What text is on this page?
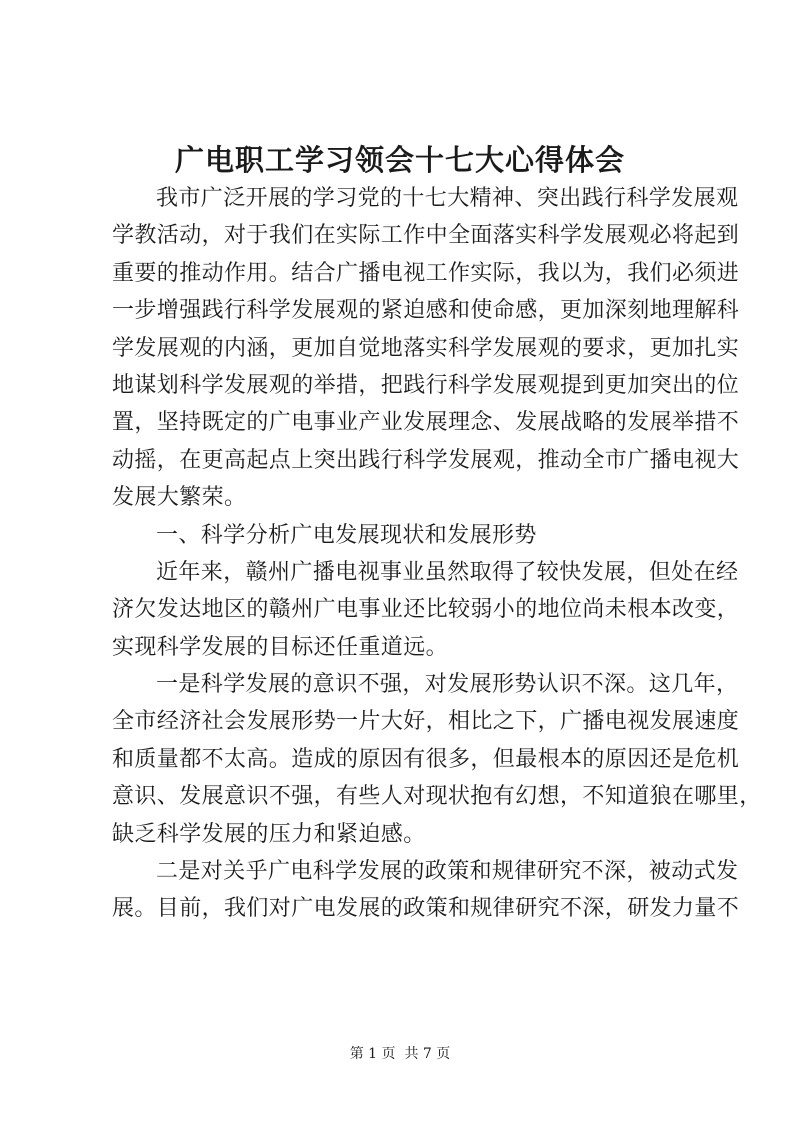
广电职工学习领会十七大心得体会
我市广泛开展的学习党的十七大精神、突出践行科学发展观
学教活动，对于我们在实际工作中全面落实科学发展观必将起到
重要的推动作用。结合广播电视工作实际，我以为，我们必须进
一步增强践行科学发展观的紧迫感和使命感，更加深刻地理解科
学发展观的内涵，更加自觉地落实科学发展观的要求，更加扎实
地谋划科学发展观的举措，把践行科学发展观提到更加突出的位
置，坚持既定的广电事业产业发展理念、发展战略的发展举措不
动摇，在更高起点上突出践行科学发展观，推动全市广播电视大
发展大繁荣。
一、科学分析广电发展现状和发展形势
近年来，赣州广播电视事业虽然取得了较快发展，但处在经
济欠发达地区的赣州广电事业还比较弱小的地位尚未根本改变，
实现科学发展的目标还任重道远。
一是科学发展的意识不强，对发展形势认识不深。这几年，
全市经济社会发展形势一片大好，相比之下，广播电视发展速度
和质量都不太高。造成的原因有很多，但最根本的原因还是危机
意识、发展意识不强，有些人对现状抱有幻想，不知道狼在哪里，
缺乏科学发展的压力和紧迫感。
二是对关乎广电科学发展的政策和规律研究不深，被动式发
展。目前，我们对广电发展的政策和规律研究不深，研发力量不
第 1 页  共 7 页
